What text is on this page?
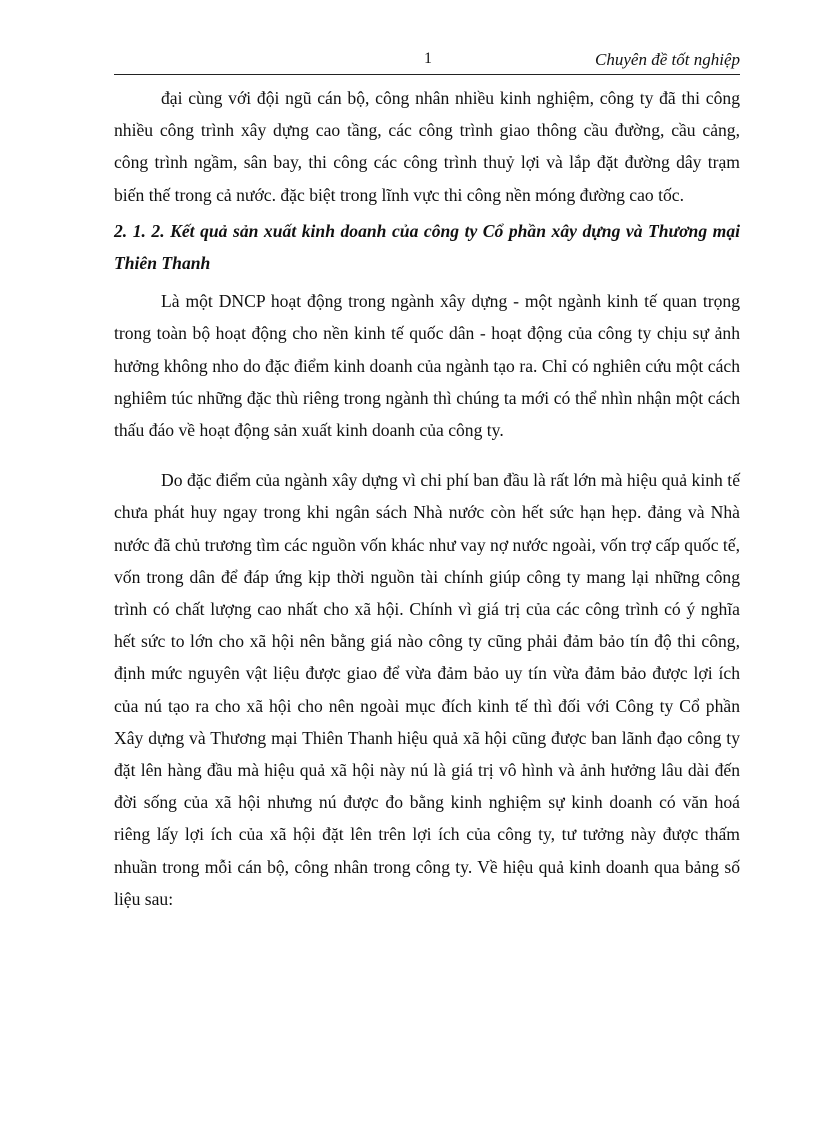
1	Chuyên đề tốt nghiệp

đại cùng với đội ngũ cán bộ, công nhân nhiều kinh nghiệm, công ty đã thi công nhiều công trình xây dựng cao tầng, các công trình giao thông cầu đường, cầu cảng, công trình ngầm, sân bay, thi công các công trình thuỷ lợi và lắp đặt đường dây trạm biến thế trong cả nước. đặc biệt trong lĩnh vực thi công nền móng đường cao tốc.

2. 1. 2. Kết quả sản xuất kinh doanh của công ty Cổ phần xây dựng và Thương mại Thiên Thanh

Là một DNCP hoạt động trong ngành xây dựng - một ngành kinh tế quan trọng trong toàn bộ hoạt động cho nền kinh tế quốc dân - hoạt động của công ty chịu sự ảnh hưởng không nho do đặc điểm kinh doanh của ngành tạo ra. Chỉ có nghiên cứu một cách nghiêm túc những đặc thù riêng trong ngành thì chúng ta mới có thể nhìn nhận một cách thấu đáo về hoạt động sản xuất kinh doanh của công ty.

Do đặc điểm của ngành xây dựng vì chi phí ban đầu là rất lớn mà hiệu quả kinh tế chưa phát huy ngay trong khi ngân sách Nhà nước còn hết sức hạn hẹp. đảng và Nhà nước đã chủ trương tìm các nguồn vốn khác như vay nợ nước ngoài, vốn trợ cấp quốc tế, vốn trong dân để đáp ứng kịp thời nguồn tài chính giúp công ty mang lại những công trình có chất lượng cao nhất cho xã hội. Chính vì giá trị của các công trình có ý nghĩa hết sức to lớn cho xã hội nên bằng giá nào công ty cũng phải đảm bảo tín độ thi công, định mức nguyên vật liệu được giao để vừa đảm bảo uy tín vừa đảm bảo được lợi ích của nú tạo ra cho xã hội cho nên ngoài mục đích kinh tế thì đối với Công ty Cổ phần Xây dựng và Thương mại Thiên Thanh hiệu quả xã hội cũng được ban lãnh đạo công ty đặt lên hàng đầu mà hiệu quả xã hội này nú là giá trị vô hình và ảnh hưởng lâu dài đến đời sống của xã hội nhưng nú được đo bằng kinh nghiệm sự kinh doanh có văn hoá riêng lấy lợi ích của xã hội đặt lên trên lợi ích của công ty, tư tưởng này được thấm nhuần trong mỗi cán bộ, công nhân trong công ty. Về hiệu quả kinh doanh qua bảng số liệu sau:
